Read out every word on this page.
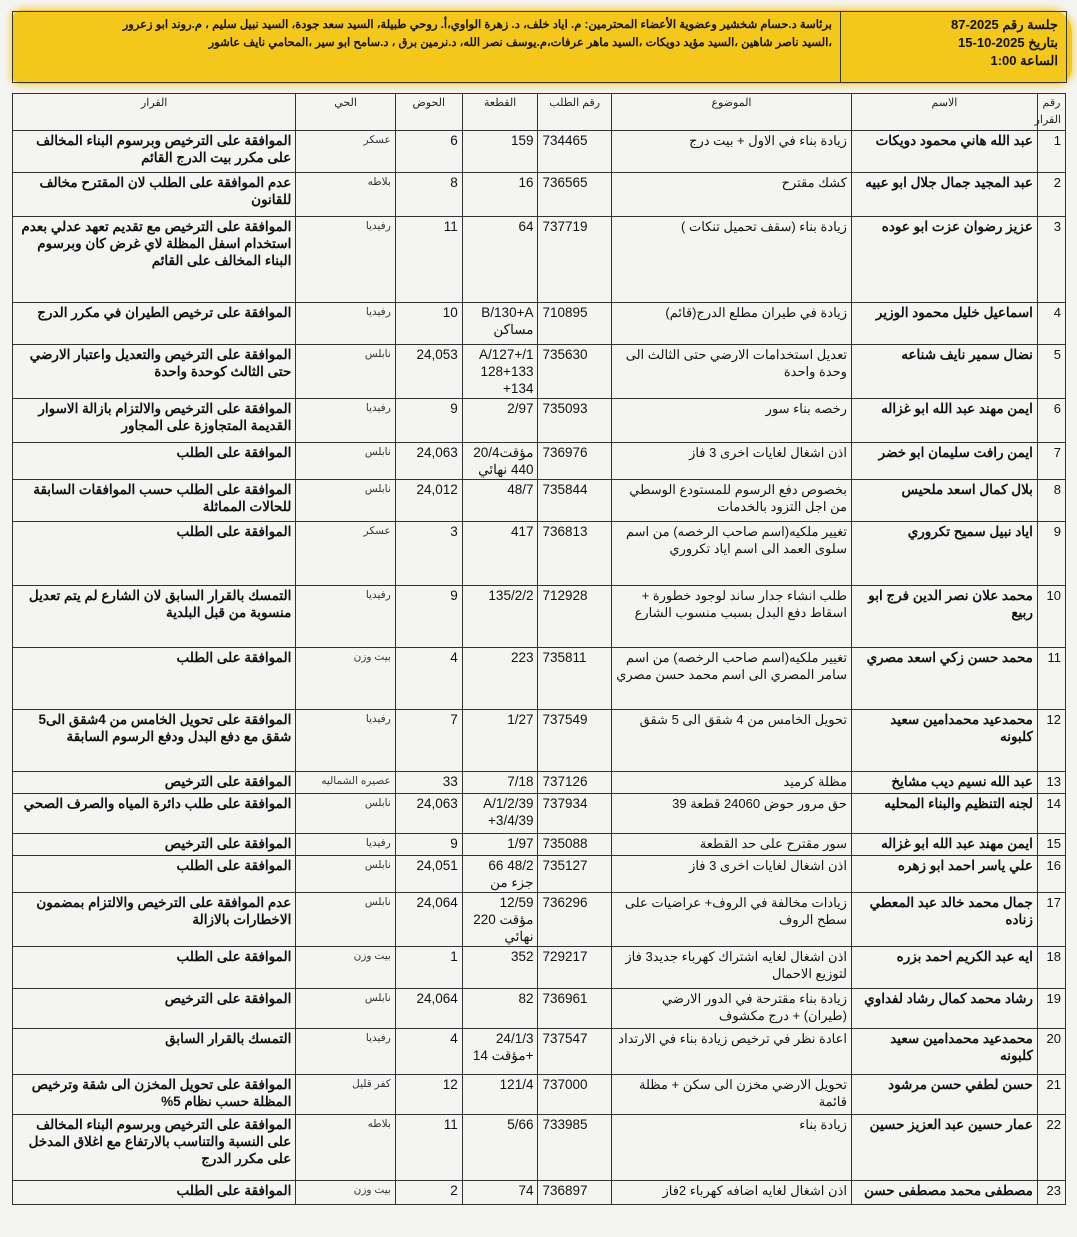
جلسة رقم 2025-87
بتاريخ 2025-10-15
الساعة 1:00
برئاسة د.حسام شخشير وعضوية الأعضاء المحترمين: م. اياد خلف، د. زهرة الواوي،أ. روحي طبيلة، السيد سعد جودة، السيد نبيل سليم ، م.روند ابو زعرور
،السيد ناصر شاهين ،السيد مؤيد دويكات ،السيد ماهر عرفات،م.يوسف نصر الله، د.نرمين برق ، د.سامح ابو سير ،المحامي نايف عاشور
رقم القرار	الاسم	الموضوع	رقم الطلب	القطعة	الحوض	الحي	القرار
1	عبد الله هاني محمود دويكات	زيادة بناء في الاول + بيت درج	734465	159	6	عسكر	الموافقة على الترخيص وبرسوم البناء المخالف على مكرر بيت الدرج القائم
2	عبد المجيد جمال جلال ابو عبيه	كشك مقترح	736565	16	8	بلاطه	عدم الموافقة على الطلب لان المقترح مخالف للقانون
3	عزيز رضوان عزت ابو عوده	زيادة بناء (سقف تحميل تنكات )	737719	64	11	رفيديا	الموافقة على الترخيص مع تقديم تعهد عدلي بعدم استخدام اسفل المظلة لاي غرض كان وبرسوم البناء المخالف على القائم
4	اسماعيل خليل محمود الوزير	زيادة في طيران مطلع الدرج(قائم)	710895	B/130+A مساكن	10	رفيديا	الموافقة على ترخيص الطيران في مكرر الدرج
5	نضال سمير نايف شناعه	تعديل استخدامات الارضي حتى الثالث الى وحدة واحدة	735630	A/127+/1 128+133 +134	24,053	نابلس	الموافقة على الترخيص والتعديل واعتبار الارضي حتى الثالث كوحدة واحدة
6	ايمن مهند عبد الله ابو غزاله	رخصه بناء سور	735093	2/97	9	رفيديا	الموافقة على الترخيص والالتزام بازالة الاسوار القديمة المتجاوزة على المجاور
7	ايمن رافت سليمان ابو خضر	اذن اشغال لغايات اخرى 3 فاز	736976	20/4مؤقت 440 نهائي	24,063	نابلس	الموافقة على الطلب
8	بلال كمال اسعد ملحيس	بخصوص دفع الرسوم للمستودع الوسطي من اجل التزود بالخدمات	735844	48/7	24,012	نابلس	الموافقة على الطلب حسب الموافقات السابقة للحالات المماثلة
9	اياد نبيل سميح تكروري	تغيير ملكيه(اسم صاحب الرخصه) من اسم سلوى العمد الى اسم اياد تكروري	736813	417	3	عسكر	الموافقة على الطلب
10	محمد علان نصر الدين فرج ابو ربيع	طلب انشاء جدار ساند لوجود خطورة + اسقاط دفع البدل بسبب منسوب الشارع	712928	135/2/2	9	رفيديا	التمسك بالقرار السابق لان الشارع لم يتم تعديل منسوبة من قبل البلدية
11	محمد حسن زكي اسعد مصري	تغيير ملكيه(اسم صاحب الرخصه) من اسم سامر المصري الى اسم محمد حسن مصري	735811	223	4	بيت وزن	الموافقة على الطلب
12	محمدعيد محمدامين سعيد كلبونه	تحويل الخامس من 4 شقق الى 5 شقق	737549	1/27	7	رفيديا	الموافقة على تحويل الخامس من 4شقق الى5 شقق مع دفع البدل ودفع الرسوم السابقة
13	عبد الله نسيم ديب مشايخ	مظلة كرميد	737126	7/18	33	عصيره الشماليه	الموافقة على الترخيص
14	لجنه التنظيم والبناء المحليه	حق مرور حوض 24060 قطعة 39	737934	A/1/2/39 +3/4/39	24,063	نابلس	الموافقة على طلب دائرة المياه والصرف الصحي
15	ايمن مهند عبد الله ابو غزاله	سور مقترح على حد القطعة	735088	1/97	9	رفيديا	الموافقة على الترخيص
16	علي ياسر احمد ابو زهره	اذن اشغال لغايات اخرى 3 فاز	735127	66 48/2 جزء من	24,051	نابلس	الموافقة على الطلب
17	جمال محمد خالد عبد المعطي زناده	زيادات مخالفة في الروف+ عراضيات على سطح الروف	736296	12/59 مؤقت 220 نهائي	24,064	نابلس	عدم الموافقة على الترخيص والالتزام بمضمون الاخطارات بالازالة
18	ايه عبد الكريم احمد بزره	اذن اشغال لغايه اشتراك كهرباء جديد3 فاز لتوزيع الاحمال	729217	352	1	بيت وزن	الموافقة على الطلب
19	رشاد محمد كمال رشاد لفداوي	زيادة بناء مقترحة في الدور الارضي (طيران) + درج مكشوف	736961	82	24,064	نابلس	الموافقة على الترخيص
20	محمدعيد محمدامين سعيد كلبونه	اعادة نظر في ترخيص زيادة بناء في الارتداد	737547	24/1/3 مؤقت 14+	4	رفيديا	التمسك بالقرار السابق
21	حسن لطفي حسن مرشود	تحويل الارضي مخزن الى سكن + مظلة قائمة	737000	121/4	12	كفر قليل	الموافقة على تحويل المخزن الى شقة وترخيص المظلة حسب نظام 5%
22	عمار حسين عبد العزيز حسين	زيادة بناء	733985	5/66	11	بلاطه	الموافقة على الترخيص وبرسوم البناء المخالف على النسبة والتناسب بالارتفاع مع اغلاق المدخل على مكرر الدرج
23	مصطفى محمد مصطفى حسن	اذن اشغال لغايه اضافه كهرباء 2فاز	736897	74	2	بيت وزن	الموافقة على الطلب
